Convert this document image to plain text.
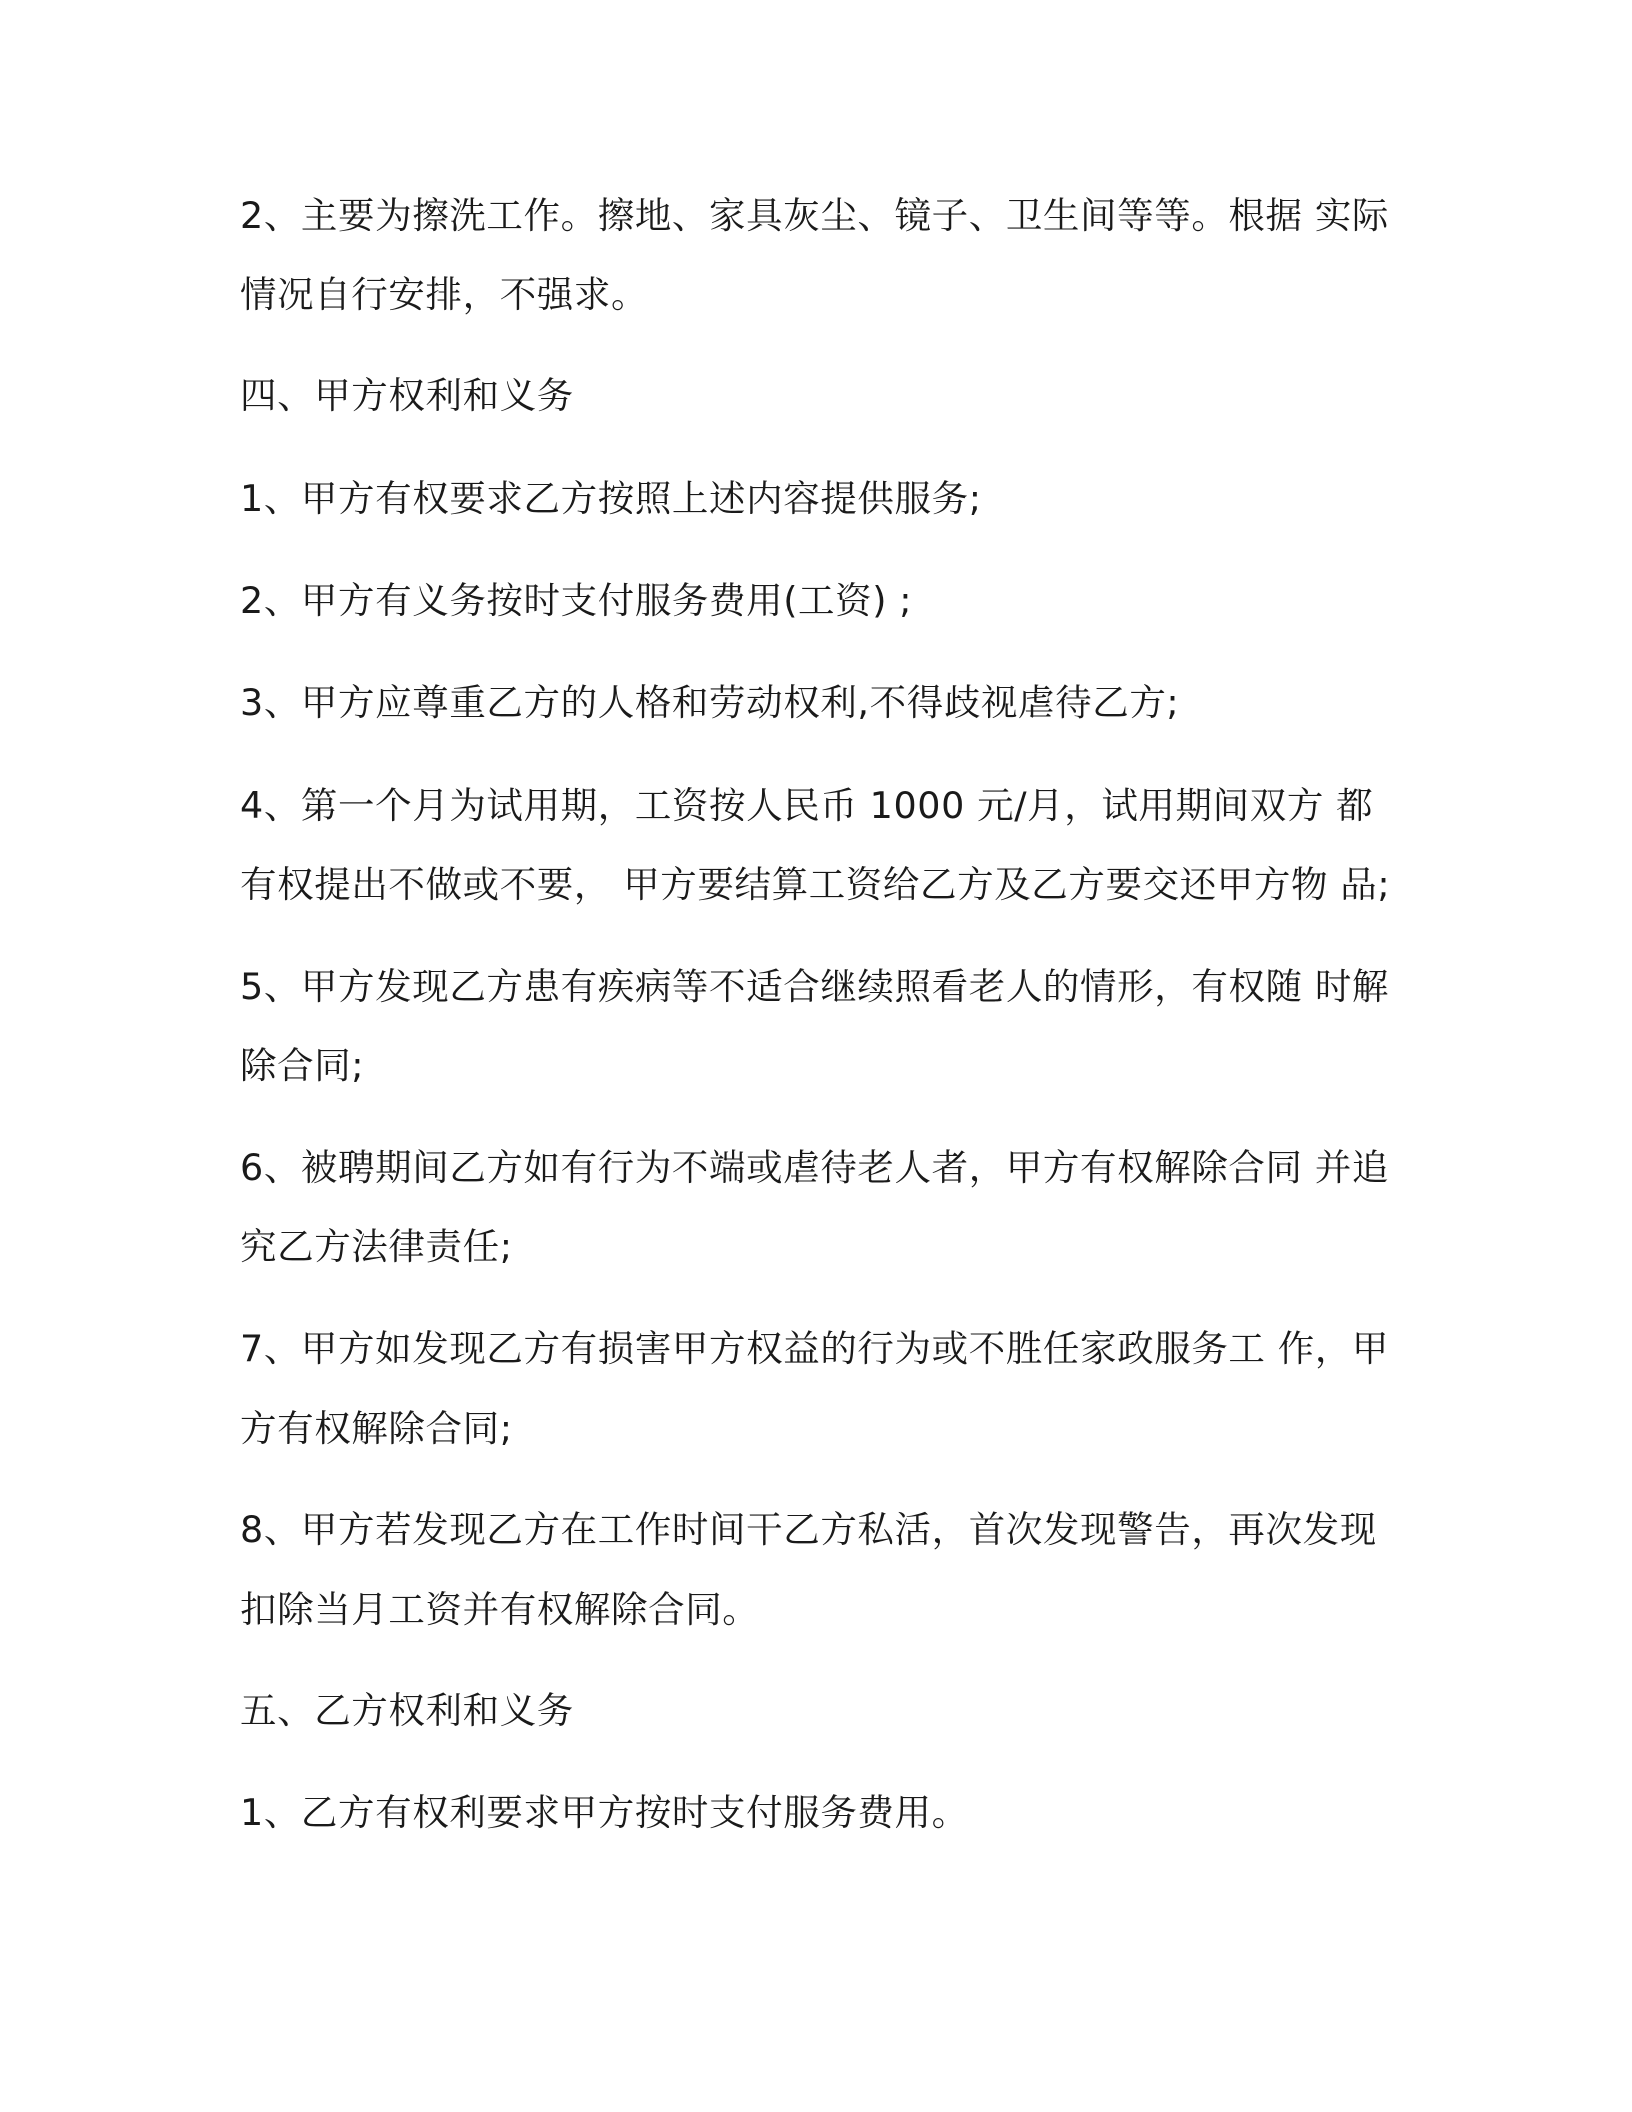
2、主要为擦洗工作。擦地、家具灰尘、镜子、卫生间等等。根据 实际

情况自行安排，不强求。

四、甲方权利和义务

1、甲方有权要求乙方按照上述内容提供服务;

2、甲方有义务按时支付服务费用(工资) ;

3、甲方应尊重乙方的人格和劳动权利,不得歧视虐待乙方;

4、第一个月为试用期，工资按人民币 1000 元/月，试用期间双方 都

有权提出不做或不要， 甲方要结算工资给乙方及乙方要交还甲方物 品;

5、甲方发现乙方患有疾病等不适合继续照看老人的情形，有权随 时解

除合同;

6、被聘期间乙方如有行为不端或虐待老人者，甲方有权解除合同 并追

究乙方法律责任;

7、甲方如发现乙方有损害甲方权益的行为或不胜任家政服务工 作，甲

方有权解除合同;

8、甲方若发现乙方在工作时间干乙方私活，首次发现警告，再次发现

扣除当月工资并有权解除合同。

五、乙方权利和义务

1、乙方有权利要求甲方按时支付服务费用。
